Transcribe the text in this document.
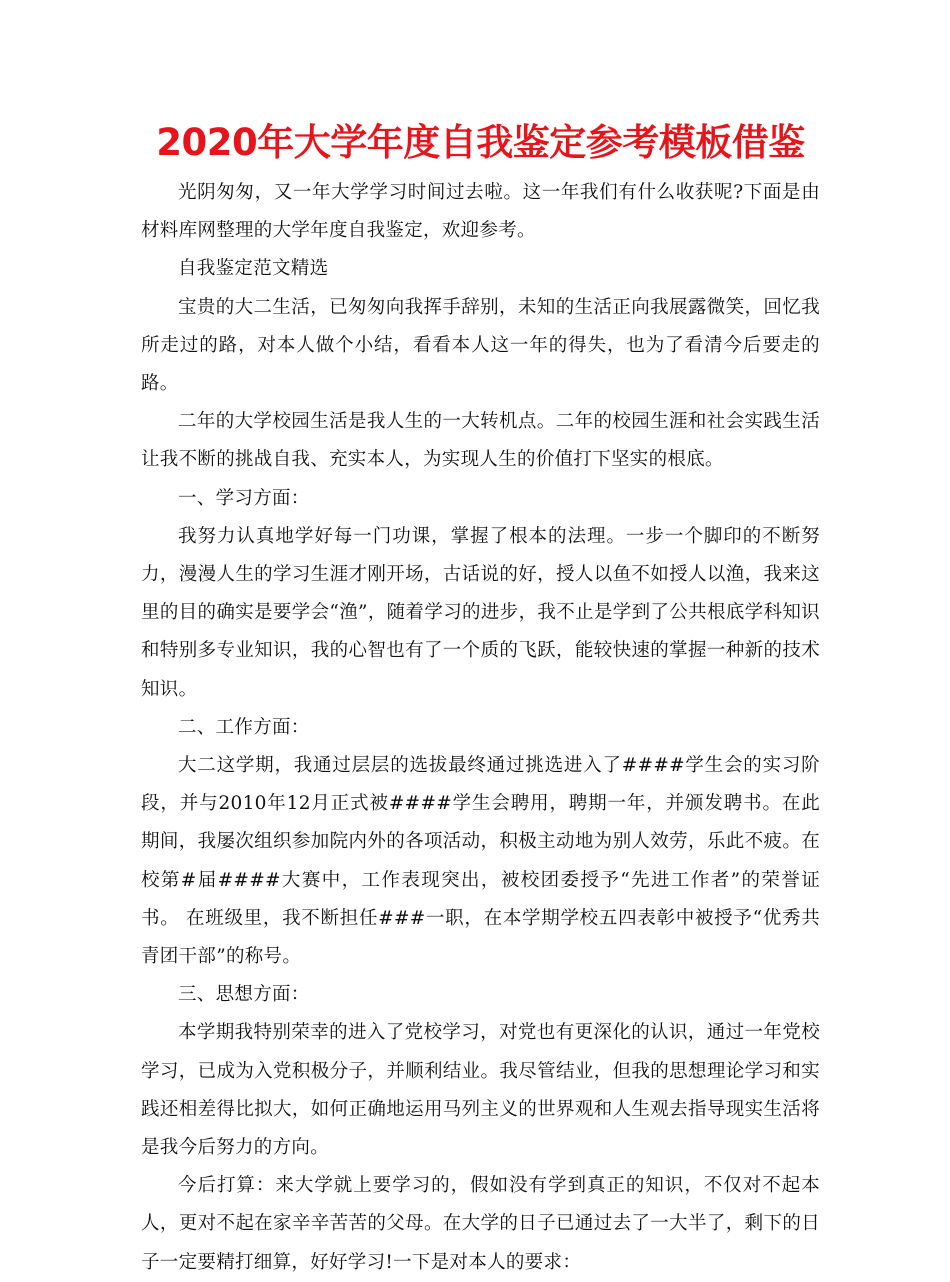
2020年大学年度自我鉴定参考模板借鉴

光阴匆匆，又一年大学学习时间过去啦。这一年我们有什么收获呢?下面是由材料库网整理的大学年度自我鉴定，欢迎参考。

自我鉴定范文精选

宝贵的大二生活，已匆匆向我挥手辞别，未知的生活正向我展露微笑，回忆我所走过的路，对本人做个小结，看看本人这一年的得失，也为了看清今后要走的路。

二年的大学校园生活是我人生的一大转机点。二年的校园生涯和社会实践生活让我不断的挑战自我、充实本人，为实现人生的价值打下坚实的根底。

一、学习方面：

我努力认真地学好每一门功课，掌握了根本的法理。一步一个脚印的不断努力，漫漫人生的学习生涯才刚开场，古话说的好，授人以鱼不如授人以渔，我来这里的目的确实是要学会“渔”，随着学习的进步，我不止是学到了公共根底学科知识和特别多专业知识，我的心智也有了一个质的飞跃，能较快速的掌握一种新的技术知识。

二、工作方面：

大二这学期，我通过层层的选拔最终通过挑选进入了####学生会的实习阶段，并与2010年12月正式被####学生会聘用，聘期一年，并颁发聘书。在此期间，我屡次组织参加院内外的各项活动，积极主动地为别人效劳，乐此不疲。在校第#届####大赛中，工作表现突出，被校团委授予“先进工作者”的荣誉证书。 在班级里，我不断担任###一职，在本学期学校五四表彰中被授予“优秀共青团干部”的称号。

三、思想方面：

本学期我特别荣幸的进入了党校学习，对党也有更深化的认识，通过一年党校学习，已成为入党积极分子，并顺利结业。我尽管结业，但我的思想理论学习和实践还相差得比拟大，如何正确地运用马列主义的世界观和人生观去指导现实生活将是我今后努力的方向。

今后打算：来大学就上要学习的，假如没有学到真正的知识，不仅对不起本人，更对不起在家辛辛苦苦的父母。在大学的日子已通过去了一大半了，剩下的日子一定要精打细算，好好学习!一下是对本人的要求：
